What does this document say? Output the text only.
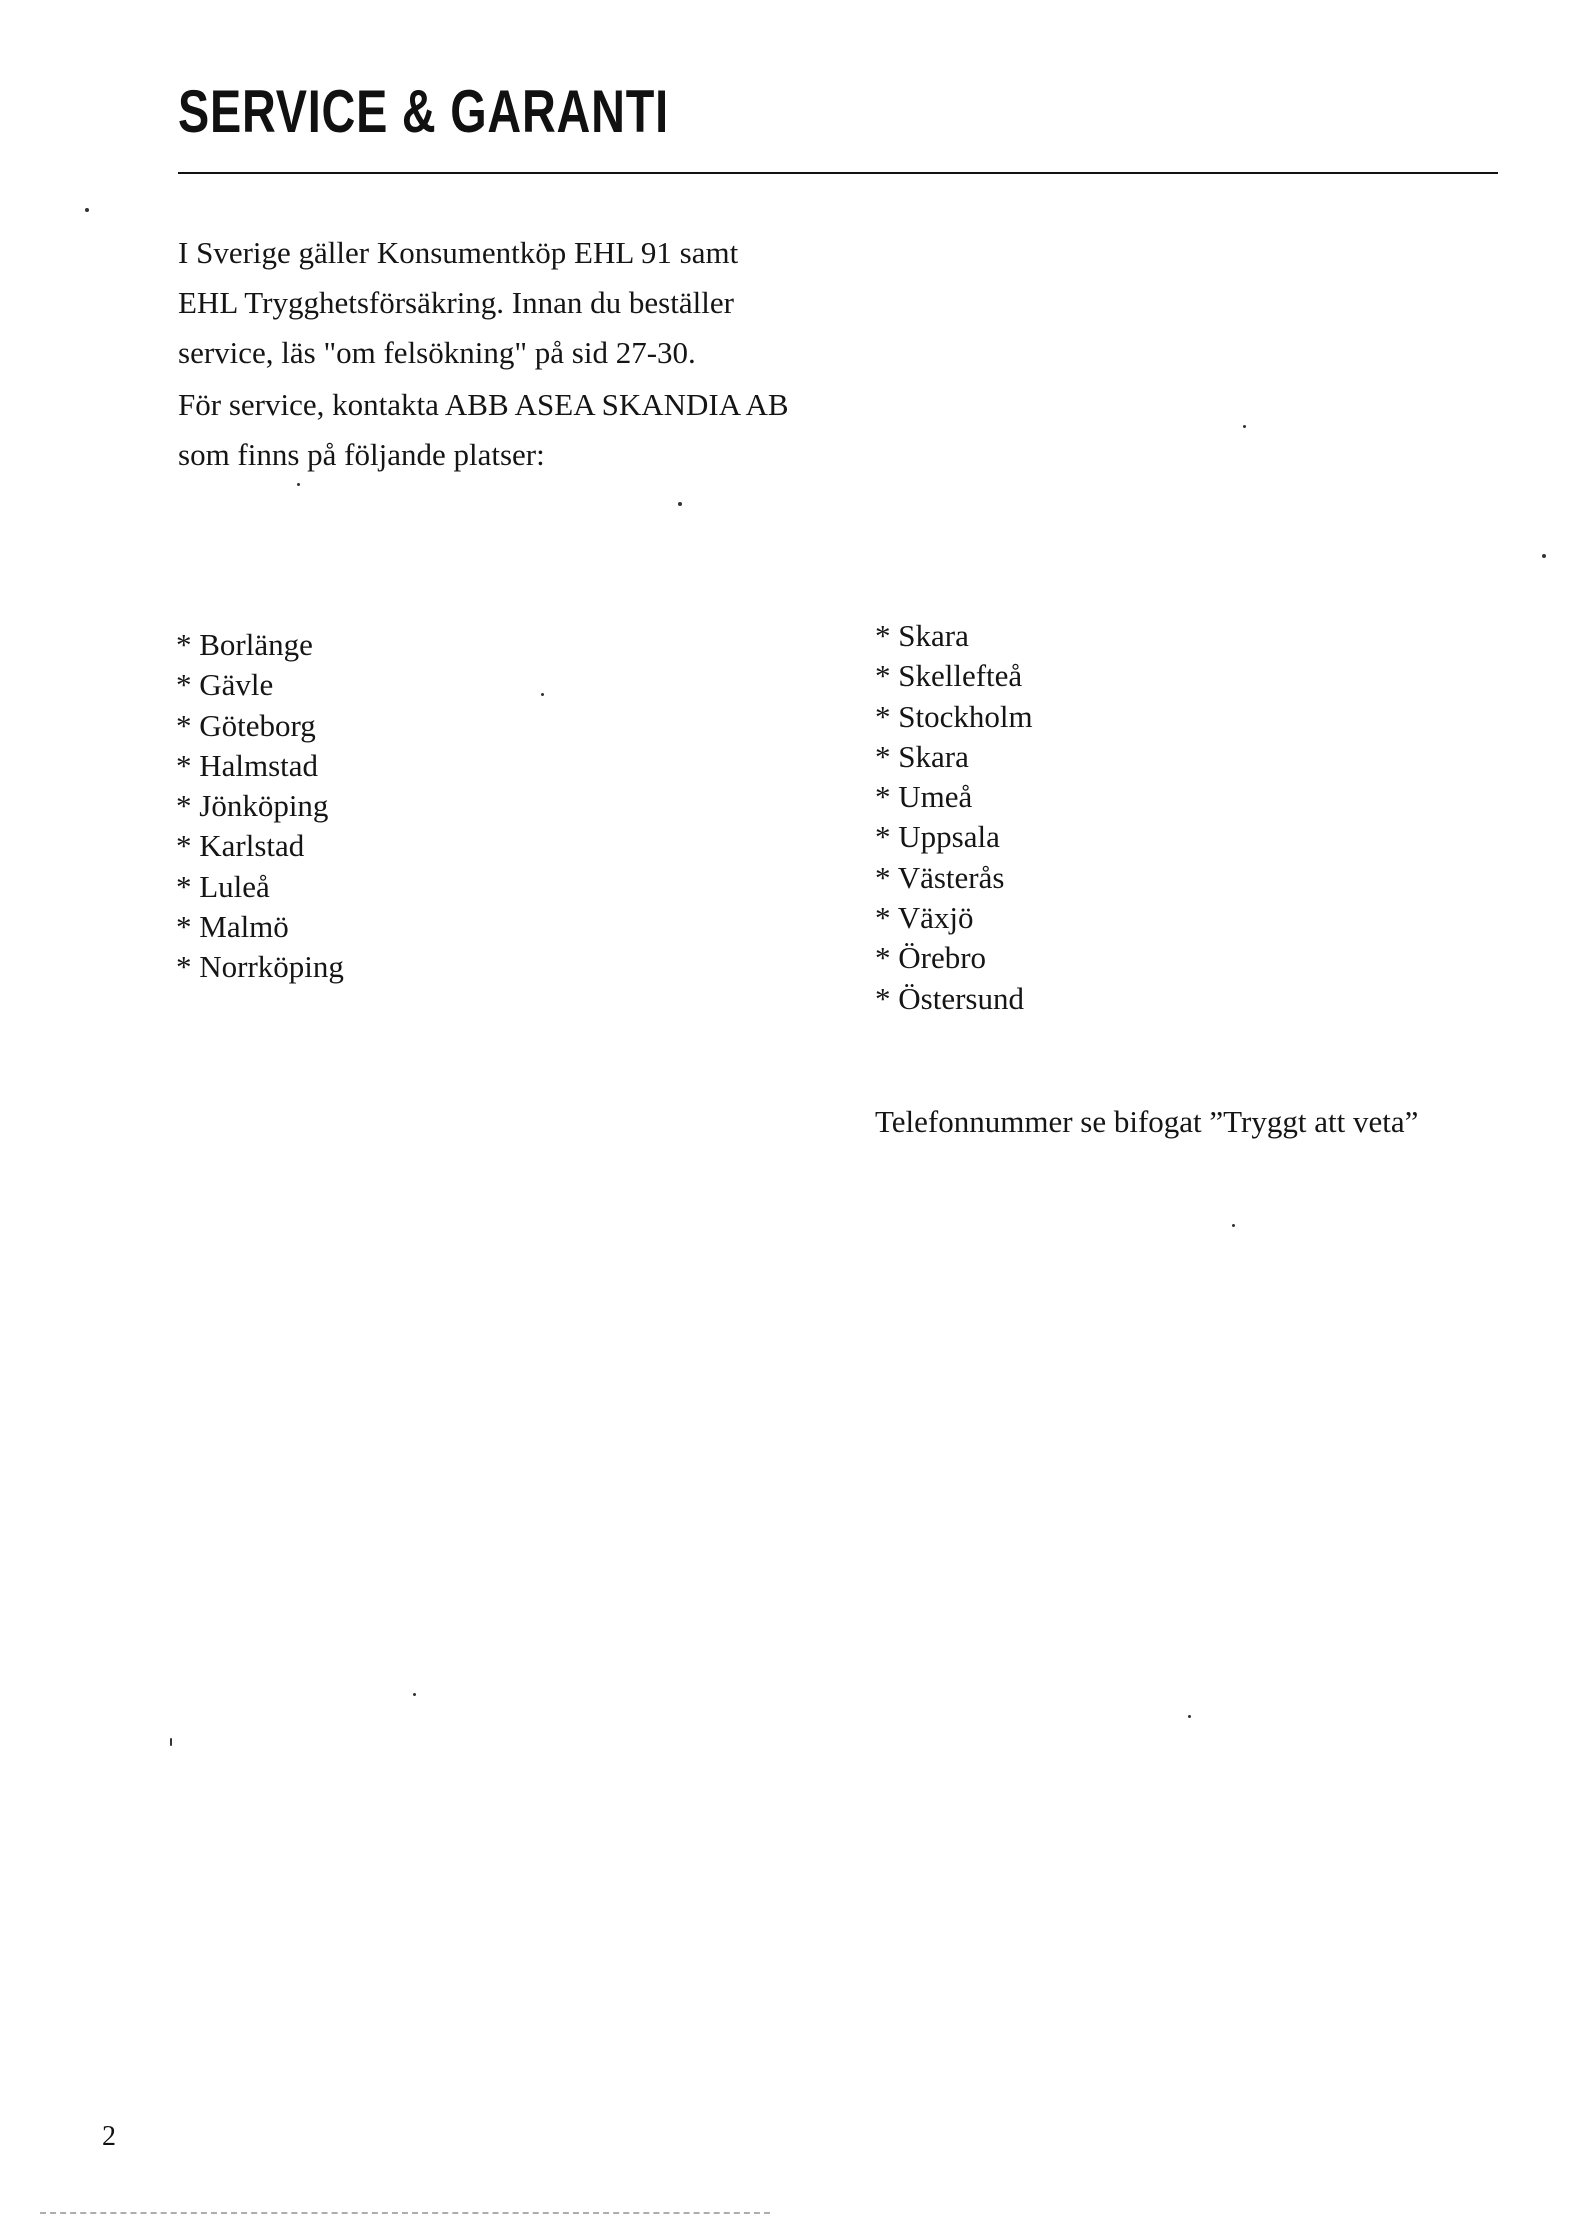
SERVICE & GARANTI

I Sverige gäller Konsumentköp EHL 91 samt
EHL Trygghetsförsäkring. Innan du beställer
service, läs "om felsökning" på sid 27-30.

För service, kontakta ABB ASEA SKANDIA AB
som finns på följande platser:

* Borlänge
* Gävle
* Göteborg
* Halmstad
* Jönköping
* Karlstad
* Luleå
* Malmö
* Norrköping
* Skara
* Skellefteå
* Stockholm
* Skara
* Umeå
* Uppsala
* Västerås
* Växjö
* Örebro
* Östersund

Telefonnummer se bifogat ”Tryggt att veta”

2
